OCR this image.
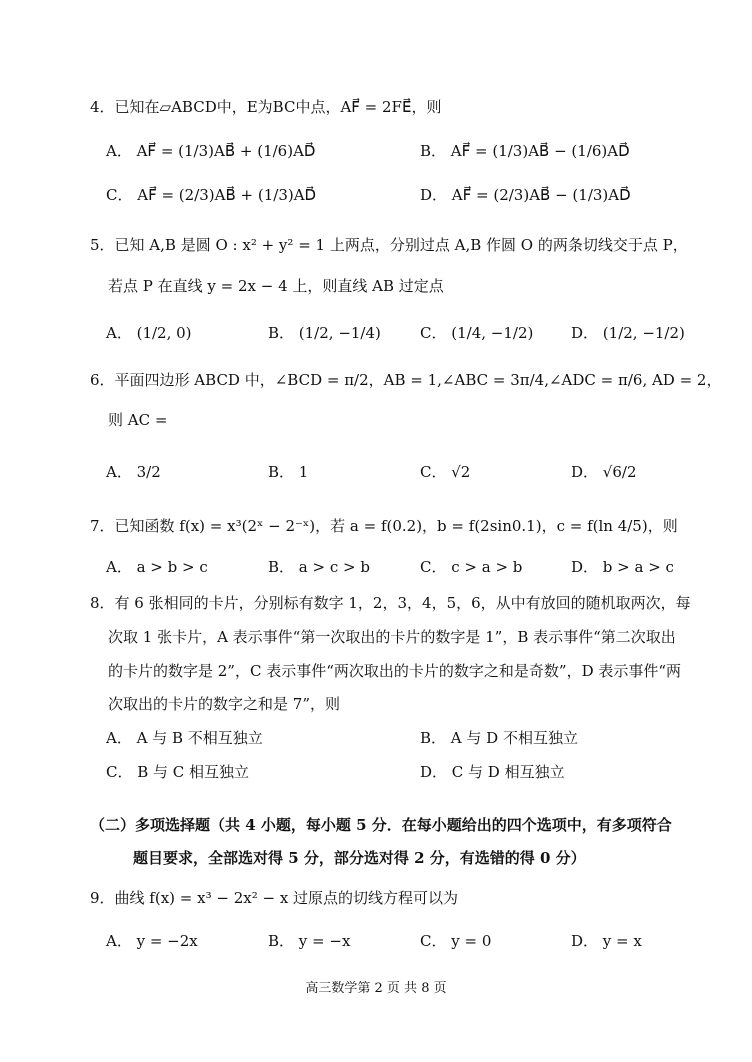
4．已知在▱ABCD中，E为BC中点，AF⃗ = 2FE⃗，则
A． AF⃗ = (1/3)AB⃗ + (1/6)AD⃗	B． AF⃗ = (1/3)AB⃗ − (1/6)AD⃗
C． AF⃗ = (2/3)AB⃗ + (1/3)AD⃗	D． AF⃗ = (2/3)AB⃗ − (1/3)AD⃗
5．已知 A,B 是圆 O : x² + y² = 1 上两点，分别过点 A,B 作圆 O 的两条切线交于点 P，
若点 P 在直线 y = 2x − 4 上，则直线 AB 过定点
A． (1/2, 0)	B． (1/2, −1/4)	C． (1/4, −1/2)	D． (1/2, −1/2)
6．平面四边形 ABCD 中，∠BCD = π/2，AB = 1,∠ABC = 3π/4,∠ADC = π/6, AD = 2，
则 AC =
A． 3/2	B． 1	C． √2	D． √6/2
7．已知函数 f(x) = x³(2ˣ − 2⁻ˣ)，若 a = f(0.2)，b = f(2sin0.1)，c = f(ln 4/5)，则
A． a > b > c	B． a > c > b	C． c > a > b	D． b > a > c
8．有 6 张相同的卡片，分别标有数字 1，2，3，4，5，6，从中有放回的随机取两次，每
次取 1 张卡片，A 表示事件“第一次取出的卡片的数字是 1”，B 表示事件“第二次取出
的卡片的数字是 2”，C 表示事件“两次取出的卡片的数字之和是奇数”，D 表示事件“两
次取出的卡片的数字之和是 7”，则
A． A 与 B 不相互独立	B． A 与 D 不相互独立
C． B 与 C 相互独立	D． C 与 D 相互独立
（二）多项选择题（共 4 小题，每小题 5 分．在每小题给出的四个选项中，有多项符合
题目要求，全部选对得 5 分，部分选对得 2 分，有选错的得 0 分）
9．曲线 f(x) = x³ − 2x² − x 过原点的切线方程可以为
A． y = −2x	B． y = −x	C． y = 0	D． y = x
高三数学第 2 页 共 8 页
